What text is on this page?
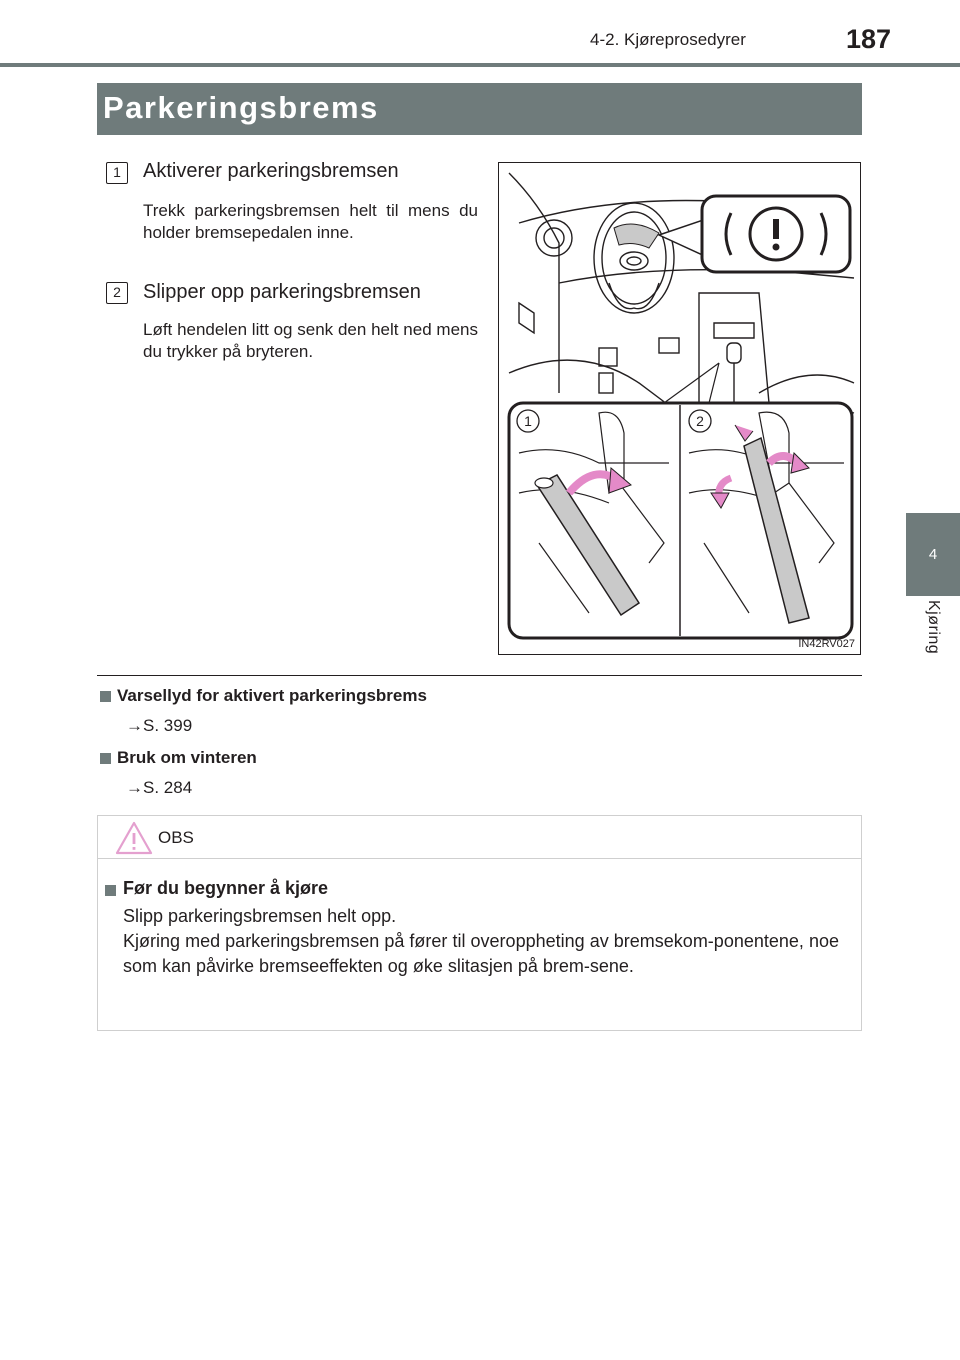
4-2. Kjøreprosedyrer	187
4
Kjøring
Parkeringsbrems
1	Aktiverer parkeringsbremsen
Trekk parkeringsbremsen helt til mens du holder bremsepedalen inne.
2	Slipper opp parkeringsbremsen
Løft hendelen litt og senk den helt ned mens du trykker på bryteren.
1	2
IN42RV027
Varsellyd for aktivert parkeringsbrems
→S. 399
Bruk om vinteren
→S. 284
OBS
Før du begynner å kjøre
Slipp parkeringsbremsen helt opp.
Kjøring med parkeringsbremsen på fører til overoppheting av bremsekom-ponentene, noe som kan påvirke bremseeffekten og øke slitasjen på brem-sene.
